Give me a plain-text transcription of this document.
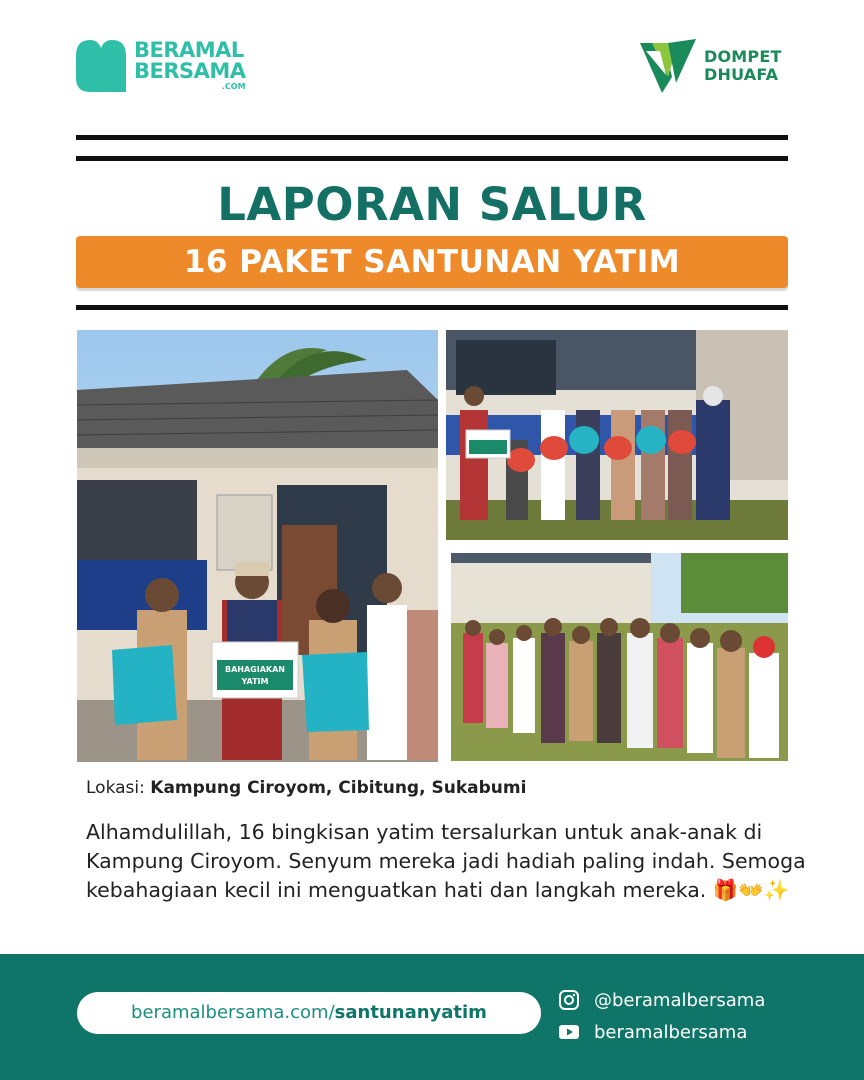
BERAMAL
BERSAMA
.COM
DOMPET
DHUAFA
LAPORAN SALUR
16 PAKET SANTUNAN YATIM
BAHAGIAKAN
YATIM
Lokasi: Kampung Ciroyom, Cibitung, Sukabumi
Alhamdulillah, 16 bingkisan yatim tersalurkan untuk anak-anak di Kampung Ciroyom. Senyum mereka jadi hadiah paling indah. Semoga kebahagiaan kecil ini menguatkan hati dan langkah mereka. 🎁👐✨
beramalbersama.com/santunanyatim
@beramalbersama
beramalbersama
